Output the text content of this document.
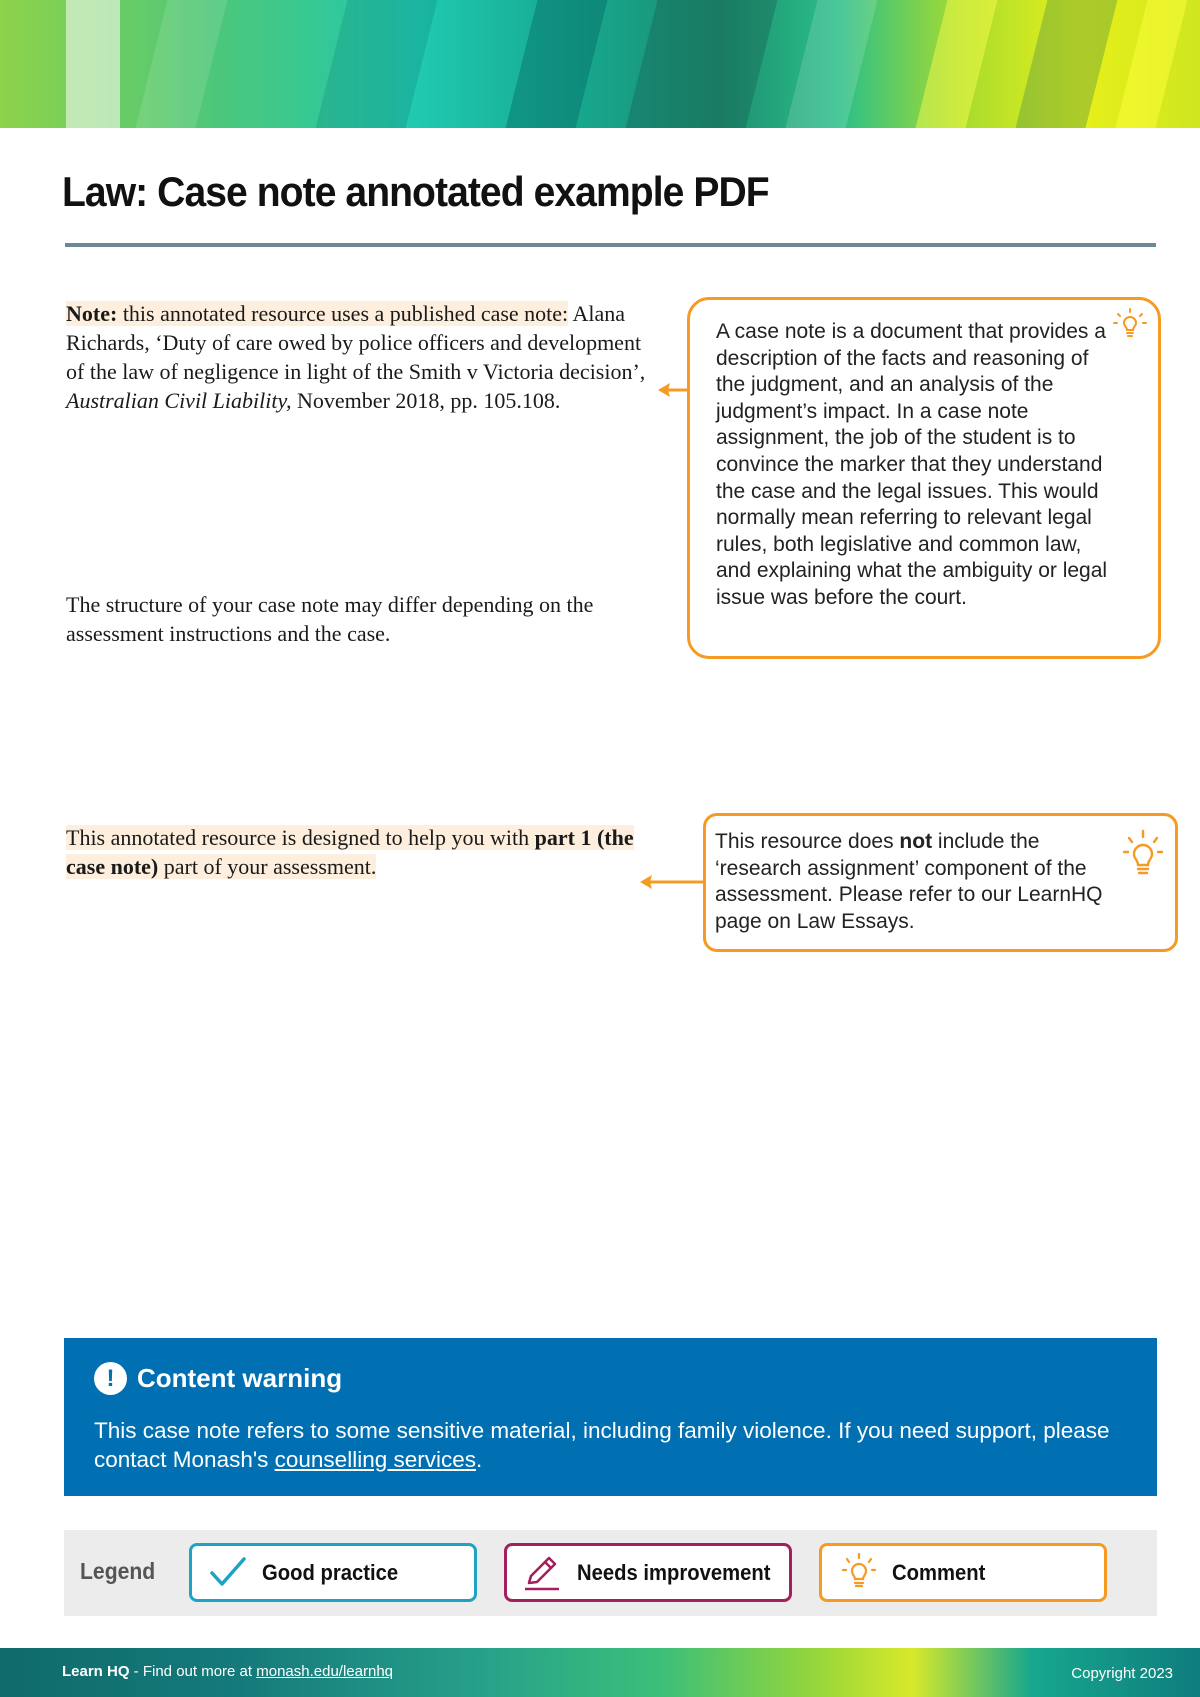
Law: Case note annotated example PDF

Note: this annotated resource uses a published case note: Alana Richards, ‘Duty of care owed by police officers and development of the law of negligence in light of the Smith v Victoria decision’, Australian Civil Liability, November 2018, pp. 105.108.

The structure of your case note may differ depending on the assessment instructions and the case.

This annotated resource is designed to help you with part 1 (the case note) part of your assessment.

A case note is a document that provides a description of the facts and reasoning of the judgment, and an analysis of the judgment’s impact. In a case note assignment, the job of the student is to convince the marker that they understand the case and the legal issues. This would normally mean referring to relevant legal rules, both legislative and common law, and explaining what the ambiguity or legal issue was before the court.

This resource does not include the ‘research assignment’ component of the assessment. Please refer to our LearnHQ page on Law Essays.

! Content warning

This case note refers to some sensitive material, including family violence. If you need support, please contact Monash's counselling services.

Legend	Good practice	Needs improvement	Comment
Learn HQ - Find out more at monash.edu/learnhq	Copyright 2023
